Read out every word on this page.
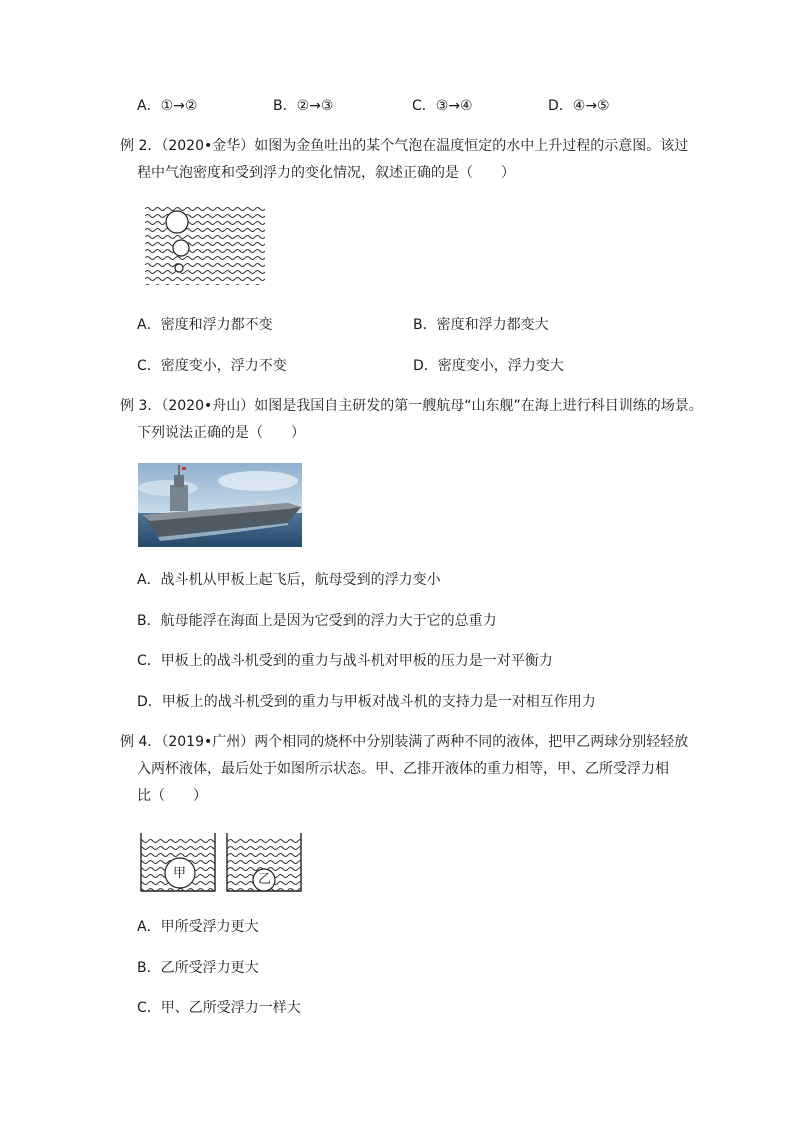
A．①→②	B．②→③	C．③→④	D．④→⑤
例 2．（2020•金华）如图为金鱼吐出的某个气泡在温度恒定的水中上升过程的示意图。该过
程中气泡密度和受到浮力的变化情况，叙述正确的是（　　）
A．密度和浮力都不变	B．密度和浮力都变大
C．密度变小，浮力不变	D．密度变小，浮力变大
例 3．（2020•舟山）如图是我国自主研发的第一艘航母“山东舰”在海上进行科目训练的场景。
下列说法正确的是（　　）
A．战斗机从甲板上起飞后，航母受到的浮力变小
B．航母能浮在海面上是因为它受到的浮力大于它的总重力
C．甲板上的战斗机受到的重力与战斗机对甲板的压力是一对平衡力
D．甲板上的战斗机受到的重力与甲板对战斗机的支持力是一对相互作用力
例 4．（2019•广州）两个相同的烧杯中分别装满了两种不同的液体，把甲乙两球分别轻轻放
入两杯液体，最后处于如图所示状态。甲、乙排开液体的重力相等，甲、乙所受浮力相
比（　　）
甲	乙
A．甲所受浮力更大
B．乙所受浮力更大
C．甲、乙所受浮力一样大
